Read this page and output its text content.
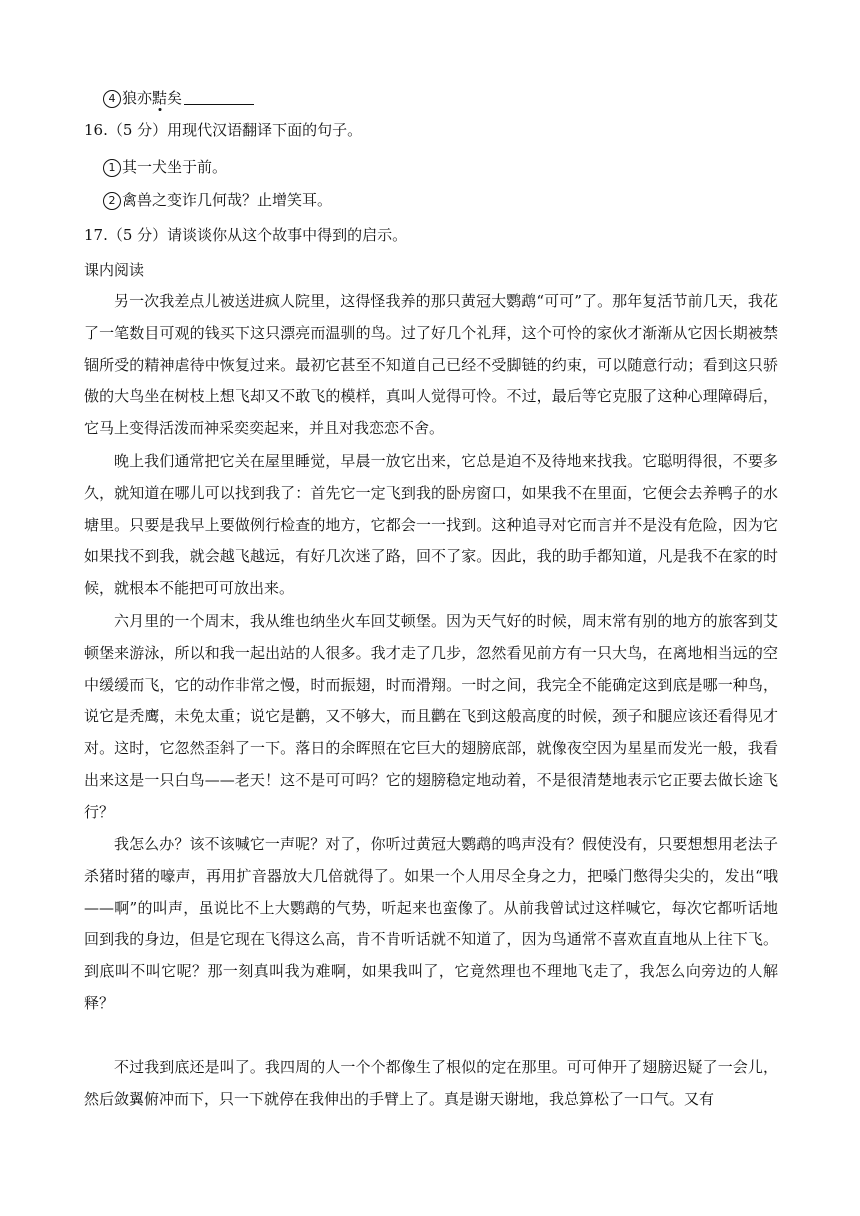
4 狼亦黠矣
16.（5 分）用现代汉语翻译下面的句子。
1 其一犬坐于前。
2 禽兽之变诈几何哉？止增笑耳。
17.（5 分）请谈谈你从这个故事中得到的启示。
课内阅读
另一次我差点儿被送进疯人院里，这得怪我养的那只黄冠大鹦鹉“可可”了。那年复活节前几天，我花了一笔数目可观的钱买下这只漂亮而温驯的鸟。过了好几个礼拜，这个可怜的家伙才渐渐从它因长期被禁锢所受的精神虐待中恢复过来。最初它甚至不知道自己已经不受脚链的约束，可以随意行动；看到这只骄傲的大鸟坐在树枝上想飞却又不敢飞的模样，真叫人觉得可怜。不过，最后等它克服了这种心理障碍后，它马上变得活泼而神采奕奕起来，并且对我恋恋不舍。
晚上我们通常把它关在屋里睡觉，早晨一放它出来，它总是迫不及待地来找我。它聪明得很，不要多久，就知道在哪儿可以找到我了：首先它一定飞到我的卧房窗口，如果我不在里面，它便会去养鸭子的水塘里。只要是我早上要做例行检查的地方，它都会一一找到。这种追寻对它而言并不是没有危险，因为它如果找不到我，就会越飞越远，有好几次迷了路，回不了家。因此，我的助手都知道，凡是我不在家的时候，就根本不能把可可放出来。
六月里的一个周末，我从维也纳坐火车回艾顿堡。因为天气好的时候，周末常有别的地方的旅客到艾顿堡来游泳，所以和我一起出站的人很多。我才走了几步，忽然看见前方有一只大鸟，在离地相当远的空中缓缓而飞，它的动作非常之慢，时而振翅，时而滑翔。一时之间，我完全不能确定这到底是哪一种鸟，说它是秃鹰，未免太重；说它是鹳，又不够大，而且鹳在飞到这般高度的时候，颈子和腿应该还看得见才对。这时，它忽然歪斜了一下。落日的余晖照在它巨大的翅膀底部，就像夜空因为星星而发光一般，我看出来这是一只白鸟——老天！这不是可可吗？它的翅膀稳定地动着，不是很清楚地表示它正要去做长途飞行？
我怎么办？该不该喊它一声呢？对了，你听过黄冠大鹦鹉的鸣声没有？假使没有，只要想想用老法子杀猪时猪的嚎声，再用扩音器放大几倍就得了。如果一个人用尽全身之力，把嗓门憋得尖尖的，发出“哦——啊”的叫声，虽说比不上大鹦鹉的气势，听起来也蛮像了。从前我曾试过这样喊它，每次它都听话地回到我的身边，但是它现在飞得这么高，肯不肯听话就不知道了，因为鸟通常不喜欢直直地从上往下飞。到底叫不叫它呢？那一刻真叫我为难啊，如果我叫了，它竟然理也不理地飞走了，我怎么向旁边的人解释？
不过我到底还是叫了。我四周的人一个个都像生了根似的定在那里。可可伸开了翅膀迟疑了一会儿，然后敛翼俯冲而下，只一下就停在我伸出的手臂上了。真是谢天谢地，我总算松了一口气。又有
